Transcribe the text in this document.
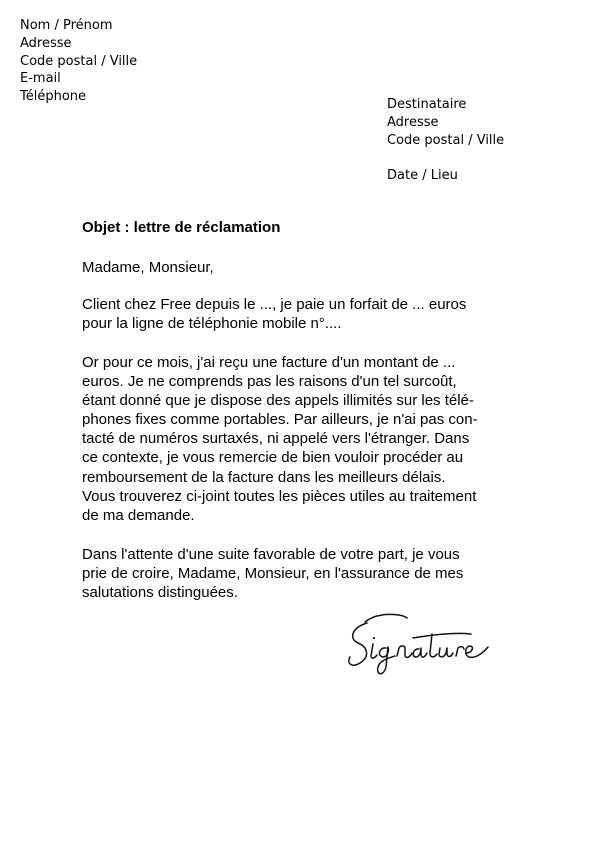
Nom / Prénom
Adresse
Code postal / Ville
E-mail
Téléphone
Destinataire
Adresse
Code postal / Ville
Date / Lieu
Objet : lettre de réclamation
Madame, Monsieur,
Client chez Free depuis le ..., je paie un forfait de ... euros
pour la ligne de téléphonie mobile n°....
Or pour ce mois, j'ai reçu une facture d'un montant de ...
euros. Je ne comprends pas les raisons d'un tel surcoût,
étant donné que je dispose des appels illimités sur les télé-
phones fixes comme portables. Par ailleurs, je n'ai pas con-
tacté de numéros surtaxés, ni appelé vers l'étranger. Dans
ce contexte, je vous remercie de bien vouloir procéder au
remboursement de la facture dans les meilleurs délais.
Vous trouverez ci-joint toutes les pièces utiles au traitement
de ma demande.
Dans l'attente d'une suite favorable de votre part, je vous
prie de croire, Madame, Monsieur, en l'assurance de mes
salutations distinguées.
